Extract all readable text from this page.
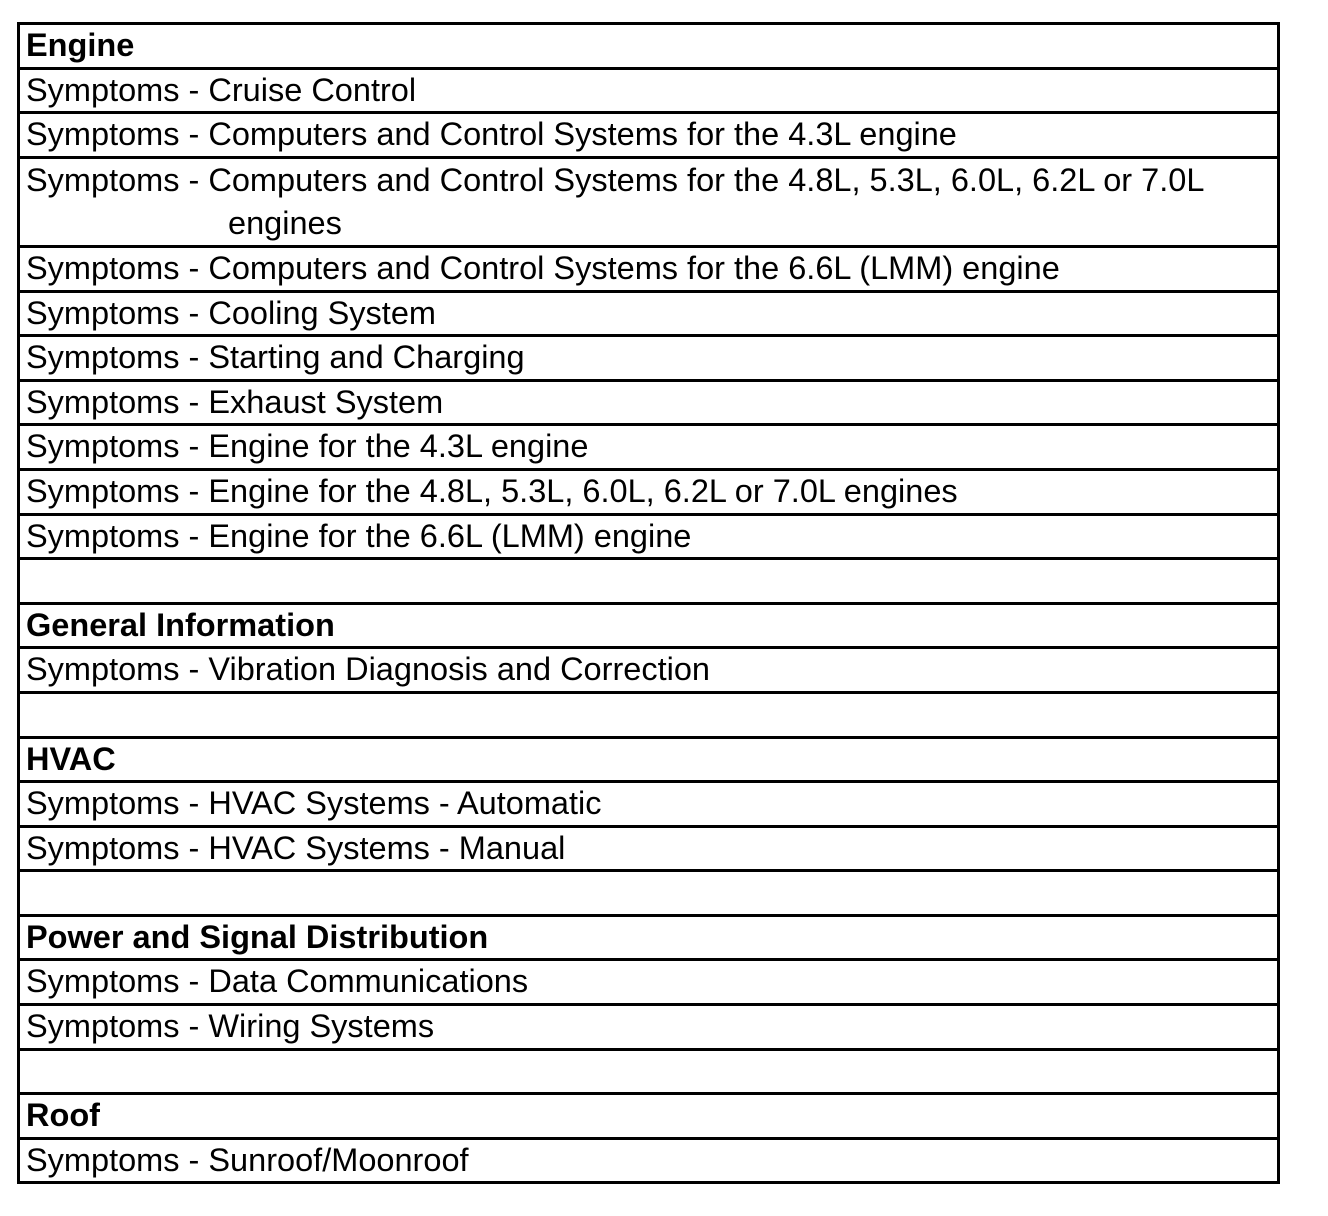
Engine
Symptoms - Cruise Control
Symptoms - Computers and Control Systems for the 4.3L engine
Symptoms - Computers and Control Systems for the 4.8L, 5.3L, 6.0L, 6.2L or 7.0L engines
Symptoms - Computers and Control Systems for the 6.6L (LMM) engine
Symptoms - Cooling System
Symptoms - Starting and Charging
Symptoms - Exhaust System
Symptoms - Engine for the 4.3L engine
Symptoms - Engine for the 4.8L, 5.3L, 6.0L, 6.2L or 7.0L engines
Symptoms - Engine for the 6.6L (LMM) engine
General Information
Symptoms - Vibration Diagnosis and Correction
HVAC
Symptoms - HVAC Systems - Automatic
Symptoms - HVAC Systems - Manual
Power and Signal Distribution
Symptoms - Data Communications
Symptoms - Wiring Systems
Roof
Symptoms - Sunroof/Moonroof
